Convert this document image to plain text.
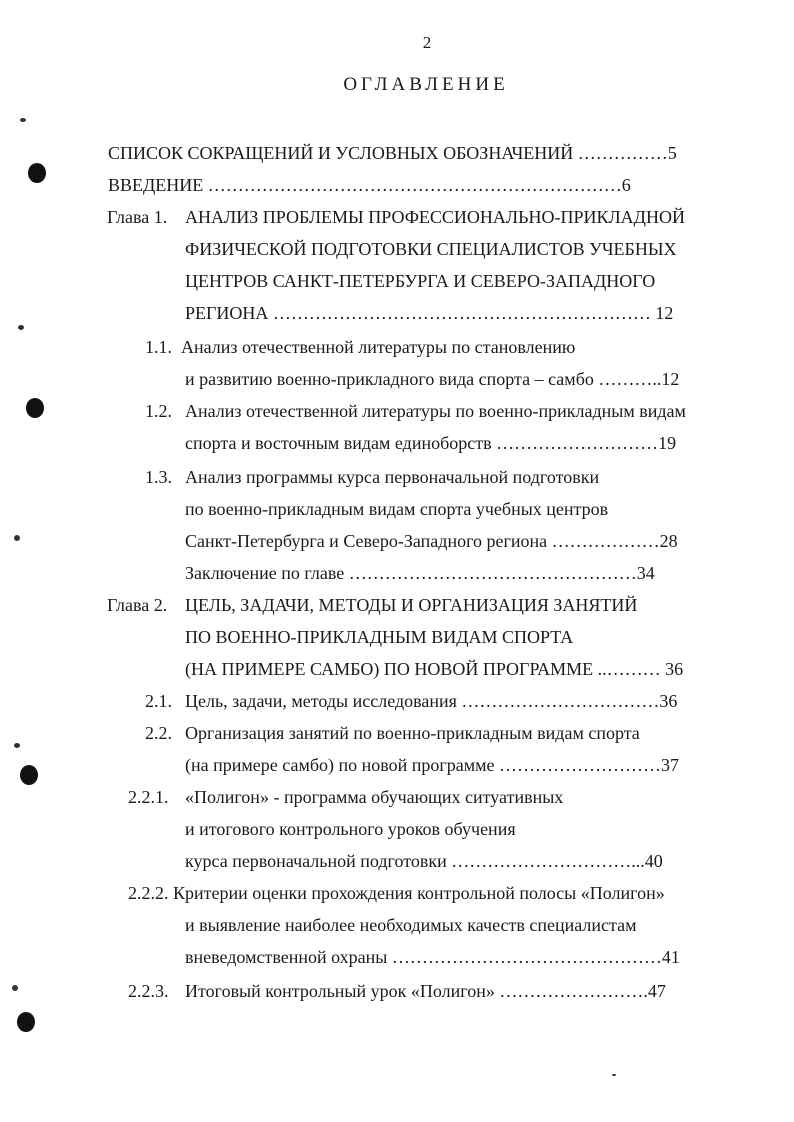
2
ОГЛАВЛЕНИЕ
СПИСОК СОКРАЩЕНИЙ И УСЛОВНЫХ ОБОЗНАЧЕНИЙ ……………5
ВВЕДЕНИЕ ……………………………………………………………6
Глава 1. АНАЛИЗ ПРОБЛЕМЫ ПРОФЕССИОНАЛЬНО-ПРИКЛАДНОЙ
ФИЗИЧЕСКОЙ ПОДГОТОВКИ СПЕЦИАЛИСТОВ УЧЕБНЫХ
ЦЕНТРОВ САНКТ-ПЕТЕРБУРГА И СЕВЕРО-ЗАПАДНОГО
РЕГИОНА ……………………………………………………… 12
1.1. Анализ отечественной литературы по становлению
и развитию военно-прикладного вида спорта – самбо ………..12
1.2. Анализ отечественной литературы по военно-прикладным видам
спорта и восточным видам единоборств ………………………19
1.3. Анализ программы курса первоначальной подготовки
по военно-прикладным видам спорта учебных центров
Санкт-Петербурга и Северо-Западного региона ………………28
Заключение по главе …………………………………………34
Глава 2. ЦЕЛЬ, ЗАДАЧИ, МЕТОДЫ И ОРГАНИЗАЦИЯ ЗАНЯТИЙ
ПО ВОЕННО-ПРИКЛАДНЫМ ВИДАМ СПОРТА
(НА ПРИМЕРЕ САМБО) ПО НОВОЙ ПРОГРАММЕ ..……… 36
2.1. Цель, задачи, методы исследования ……………………………36
2.2. Организация занятий по военно-прикладным видам спорта
(на примере самбо) по новой программе ………………………37
2.2.1. «Полигон» - программа обучающих ситуативных
и итогового контрольного уроков обучения
курса первоначальной подготовки …………………………...40
2.2.2. Критерии оценки прохождения контрольной полосы «Полигон»
и выявление наиболее необходимых качеств специалистам
вневедомственной охраны ………………………………………41
2.2.3. Итоговый контрольный урок «Полигон» …………………….47
